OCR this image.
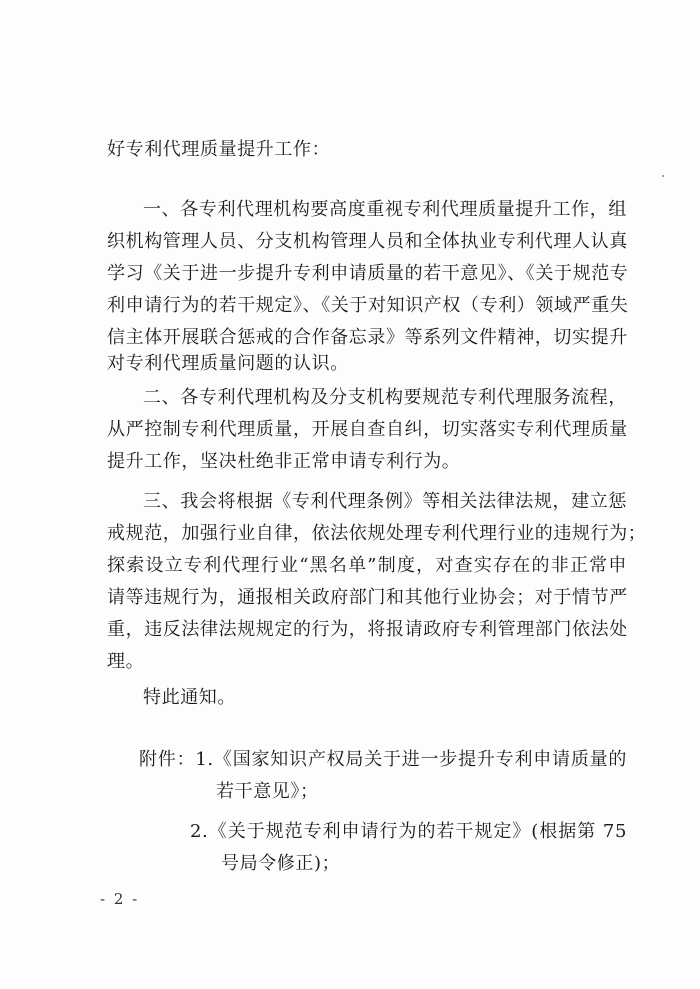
好专利代理质量提升工作：
一、各专利代理机构要高度重视专利代理质量提升工作，组
织机构管理人员、分支机构管理人员和全体执业专利代理人认真
学习《关于进一步提升专利申请质量的若干意见》、《关于规范专
利申请行为的若干规定》、《关于对知识产权（专利）领域严重失
信主体开展联合惩戒的合作备忘录》等系列文件精神，切实提升
对专利代理质量问题的认识。
二、各专利代理机构及分支机构要规范专利代理服务流程，
从严控制专利代理质量，开展自查自纠，切实落实专利代理质量
提升工作，坚决杜绝非正常申请专利行为。
三、我会将根据《专利代理条例》等相关法律法规，建立惩
戒规范，加强行业自律，依法依规处理专利代理行业的违规行为；
探索设立专利代理行业“黑名单”制度，对查实存在的非正常申
请等违规行为，通报相关政府部门和其他行业协会；对于情节严
重，违反法律法规规定的行为，将报请政府专利管理部门依法处
理。
特此通知。
附件：1.《国家知识产权局关于进一步提升专利申请质量的
若干意见》；
2.《关于规范专利申请行为的若干规定》(根据第 75
号局令修正)；
- 2 -
